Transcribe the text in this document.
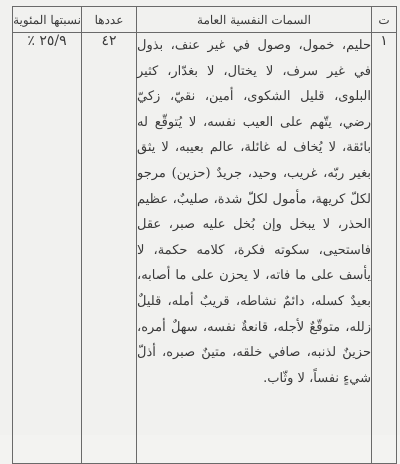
ت	السمات النفسية العامة	عددها	نسبتها المئوية
١	حليم، خمول، وصول في غير عنف، بذول في غير سرف، لا يختال، لا بغدّار، كثير البلوى، قليل الشكوى، أمين، نقيّ، زكيّ رضي، يتّهم على العيب نفسه، لا يُتوقّع له بائقة، لا يُخاف له غائلة، عالم بعيبه، لا يثق بغير ربّه، غريب، وحيد، جريدٌ (حزين) مرجو لكلّ كريهة، مأمول لكلّ شدة، صليبٌ، عظيم الحذر، لا يبخل وإن بُخل عليه صبر، عقل فاستحيى، سكوته فكرة، كلامه حكمة، لا يأسف على ما فاته، لا يحزن على ما أصابه، بعيدٌ كسله، دائمٌ نشاطه، قريبٌ أمله، قليلٌ زلله، متوقّعٌ لأجله، قانعةٌ نفسه، سهلٌ أمره، حزينٌ لذنبه، صافي خلقه، متينٌ صبره، أذلّ شيءٍ نفساً، لا وثّاب.	٤٢	٢٥/٩ ٪
